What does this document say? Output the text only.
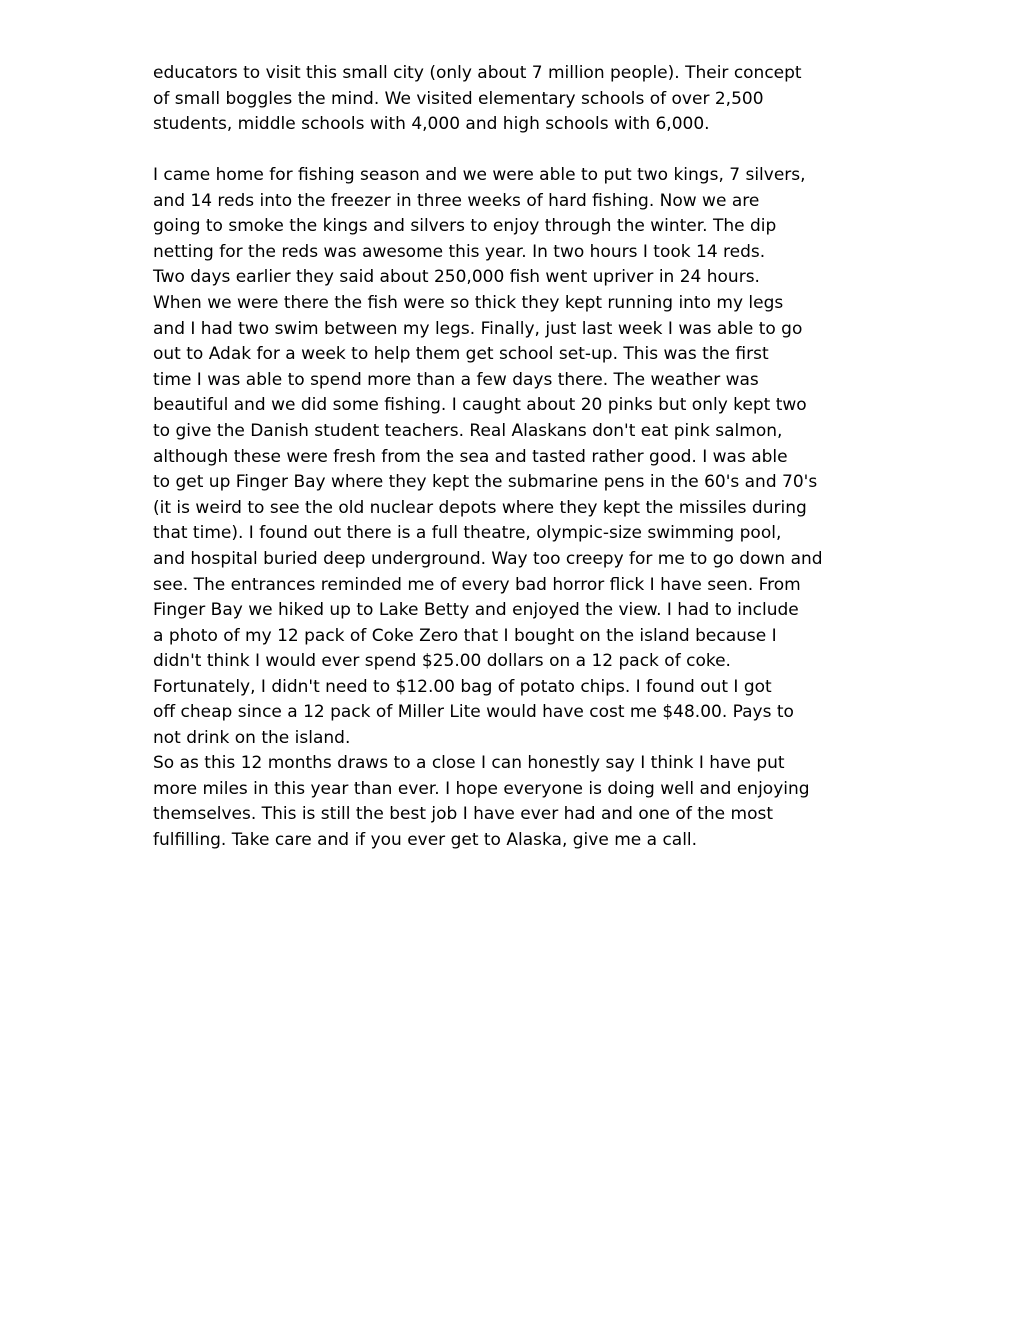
educators to visit this small city (only about 7 million people). Their concept
of small boggles the mind. We visited elementary schools of over 2,500
students, middle schools with 4,000 and high schools with 6,000.
I came home for fishing season and we were able to put two kings, 7 silvers,
and 14 reds into the freezer in three weeks of hard fishing. Now we are
going to smoke the kings and silvers to enjoy through the winter. The dip
netting for the reds was awesome this year. In two hours I took 14 reds.
Two days earlier they said about 250,000 fish went upriver in 24 hours.
When we were there the fish were so thick they kept running into my legs
and I had two swim between my legs. Finally, just last week I was able to go
out to Adak for a week to help them get school set-up. This was the first
time I was able to spend more than a few days there. The weather was
beautiful and we did some fishing. I caught about 20 pinks but only kept two
to give the Danish student teachers. Real Alaskans don't eat pink salmon,
although these were fresh from the sea and tasted rather good. I was able
to get up Finger Bay where they kept the submarine pens in the 60's and 70's
(it is weird to see the old nuclear depots where they kept the missiles during
that time). I found out there is a full theatre, olympic-size swimming pool,
and hospital buried deep underground. Way too creepy for me to go down and
see. The entrances reminded me of every bad horror flick I have seen. From
Finger Bay we hiked up to Lake Betty and enjoyed the view. I had to include
a photo of my 12 pack of Coke Zero that I bought on the island because I
didn't think I would ever spend $25.00 dollars on a 12 pack of coke.
Fortunately, I didn't need to $12.00 bag of potato chips. I found out I got
off cheap since a 12 pack of Miller Lite would have cost me $48.00. Pays to
not drink on the island.
So as this 12 months draws to a close I can honestly say I think I have put
more miles in this year than ever. I hope everyone is doing well and enjoying
themselves. This is still the best job I have ever had and one of the most
fulfilling. Take care and if you ever get to Alaska, give me a call.
